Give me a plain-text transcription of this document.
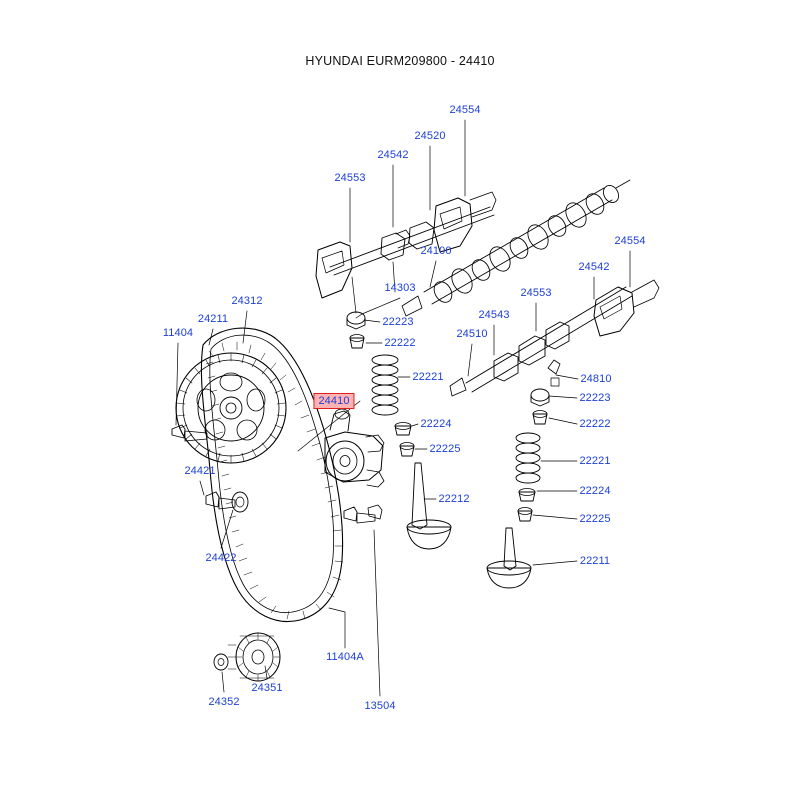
HYUNDAI EURM209800 - 24410
24554
24520
24542
24553
24554
24100
24542
14303
24312
24553
24543
24211
11404
22223
24510
22222
22221	24810
24410	22223
22222
22224
22225
22221
24421
22212
22224
22225
24422	22211
11404A
24351
24352	13504
